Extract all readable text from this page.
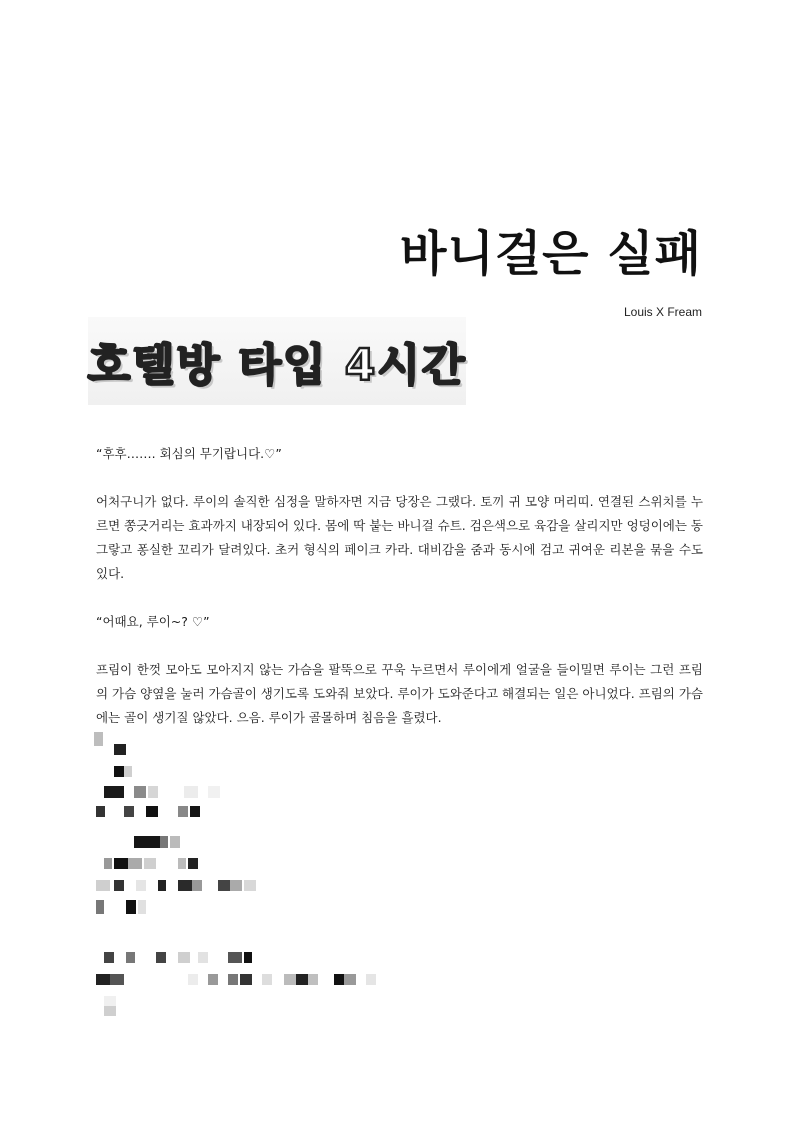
바니걸은 실패

Louis X Fream

호텔방 타입 4시간

“후후……. 회심의 무기랍니다.♡”

어처구니가 없다. 루이의 솔직한 심정을 말하자면 지금 당장은 그랬다. 토끼 귀 모양 머리띠. 연결된 스위치를 누르면 쫑긋거리는 효과까지 내장되어 있다. 몸에 딱 붙는 바니걸 슈트. 검은색으로 육감을 살리지만 엉덩이에는 동그랗고 퐁실한 꼬리가 달려있다. 초커 형식의 페이크 카라. 대비감을 줌과 동시에 검고 귀여운 리본을 묶을 수도 있다.

“어때요, 루이~? ♡”

프림이 한껏 모아도 모아지지 않는 가슴을 팔뚝으로 꾸욱 누르면서 루이에게 얼굴을 들이밀면 루이는 그런 프림의 가슴 양옆을 눌러 가슴골이 생기도록 도와줘 보았다. 루이가 도와준다고 해결되는 일은 아니었다. 프림의 가슴에는 골이 생기질 않았다. 으음. 루이가 골몰하며 침음을 흘렸다.
